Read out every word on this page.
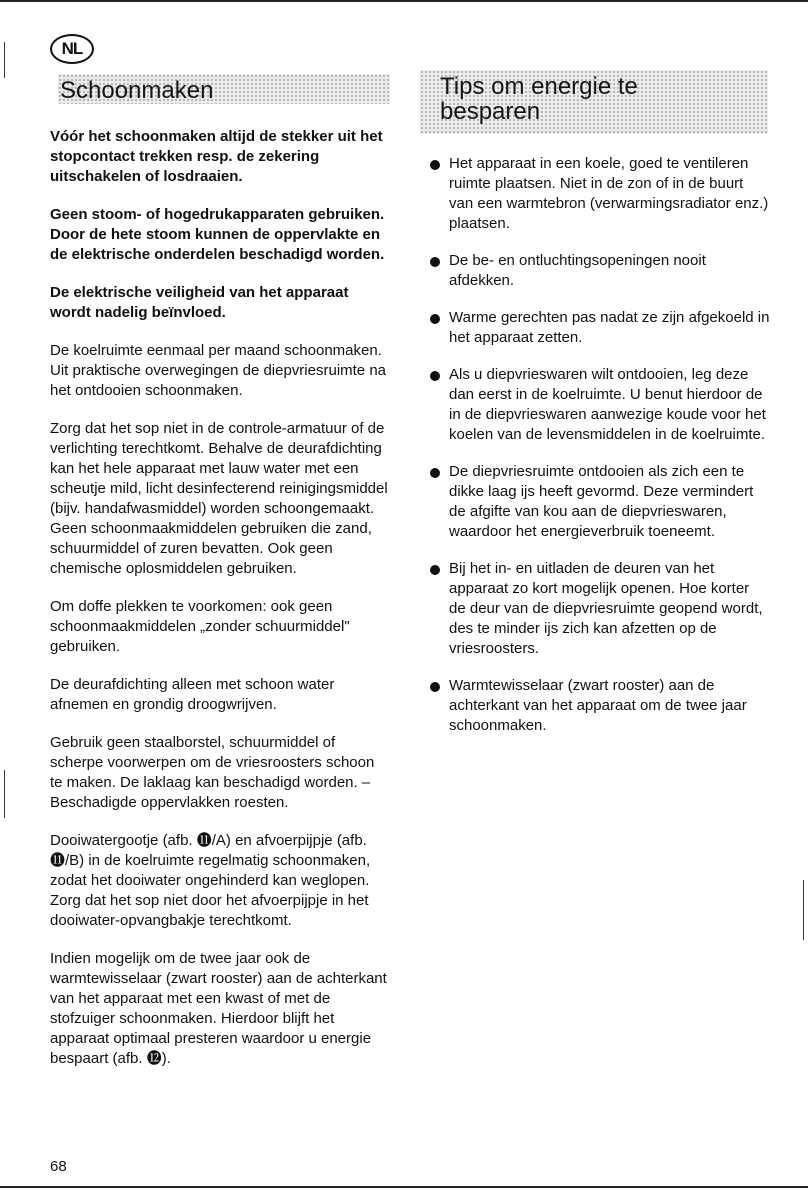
NL
Schoonmaken	Tips om energie te
besparen

Vóór het schoonmaken altijd de stekker uit het stopcontact trekken resp. de zekering uitschakelen of losdraaien.

Geen stoom- of hogedrukapparaten gebruiken. Door de hete stoom kunnen de oppervlakte en de elektrische onderdelen beschadigd worden.

De elektrische veiligheid van het apparaat wordt nadelig beïnvloed.

De koelruimte eenmaal per maand schoonmaken. Uit praktische overwegingen de diepvriesruimte na het ontdooien schoonmaken.

Zorg dat het sop niet in de controle-armatuur of de verlichting terechtkomt. Behalve de deurafdichting kan het hele apparaat met lauw water met een scheutje mild, licht desinfecterend reinigingsmiddel (bijv. handafwasmiddel) worden schoongemaakt. Geen schoonmaakmiddelen gebruiken die zand, schuurmiddel of zuren bevatten. Ook geen chemische oplosmiddelen gebruiken.

Om doffe plekken te voorkomen: ook geen schoonmaakmiddelen „zonder schuurmiddel" gebruiken.

De deurafdichting alleen met schoon water afnemen en grondig droogwrijven.

Gebruik geen staalborstel, schuurmiddel of scherpe voorwerpen om de vriesroosters schoon te maken. De laklaag kan beschadigd worden. – Beschadigde oppervlakken roesten.

Dooiwatergootje (afb. ⓫/A) en afvoerpijpje (afb. ⓫/B) in de koelruimte regelmatig schoonmaken, zodat het dooiwater ongehinderd kan weglopen. Zorg dat het sop niet door het afvoerpijpje in het dooiwater-opvangbakje terechtkomt.

Indien mogelijk om de twee jaar ook de warmtewisselaar (zwart rooster) aan de achterkant van het apparaat met een kwast of met de stofzuiger schoonmaken. Hierdoor blijft het apparaat optimaal presteren waardoor u energie bespaart (afb. ⓬).

Het apparaat in een koele, goed te ventileren ruimte plaatsen. Niet in de zon of in de buurt van een warmtebron (verwarmingsradiator enz.) plaatsen.
De be- en ontluchtingsopeningen nooit afdekken.
Warme gerechten pas nadat ze zijn afgekoeld in het apparaat zetten.
Als u diepvrieswaren wilt ontdooien, leg deze dan eerst in de koelruimte. U benut hierdoor de in de diepvrieswaren aanwezige koude voor het koelen van de levensmiddelen in de koelruimte.
De diepvriesruimte ontdooien als zich een te dikke laag ijs heeft gevormd. Deze vermindert de afgifte van kou aan de diepvrieswaren, waardoor het energieverbruik toeneemt.
Bij het in- en uitladen de deuren van het apparaat zo kort mogelijk openen. Hoe korter de deur van de diepvriesruimte geopend wordt, des te minder ijs zich kan afzetten op de vriesroosters.
Warmtewisselaar (zwart rooster) aan de achterkant van het apparaat om de twee jaar schoonmaken.
68
